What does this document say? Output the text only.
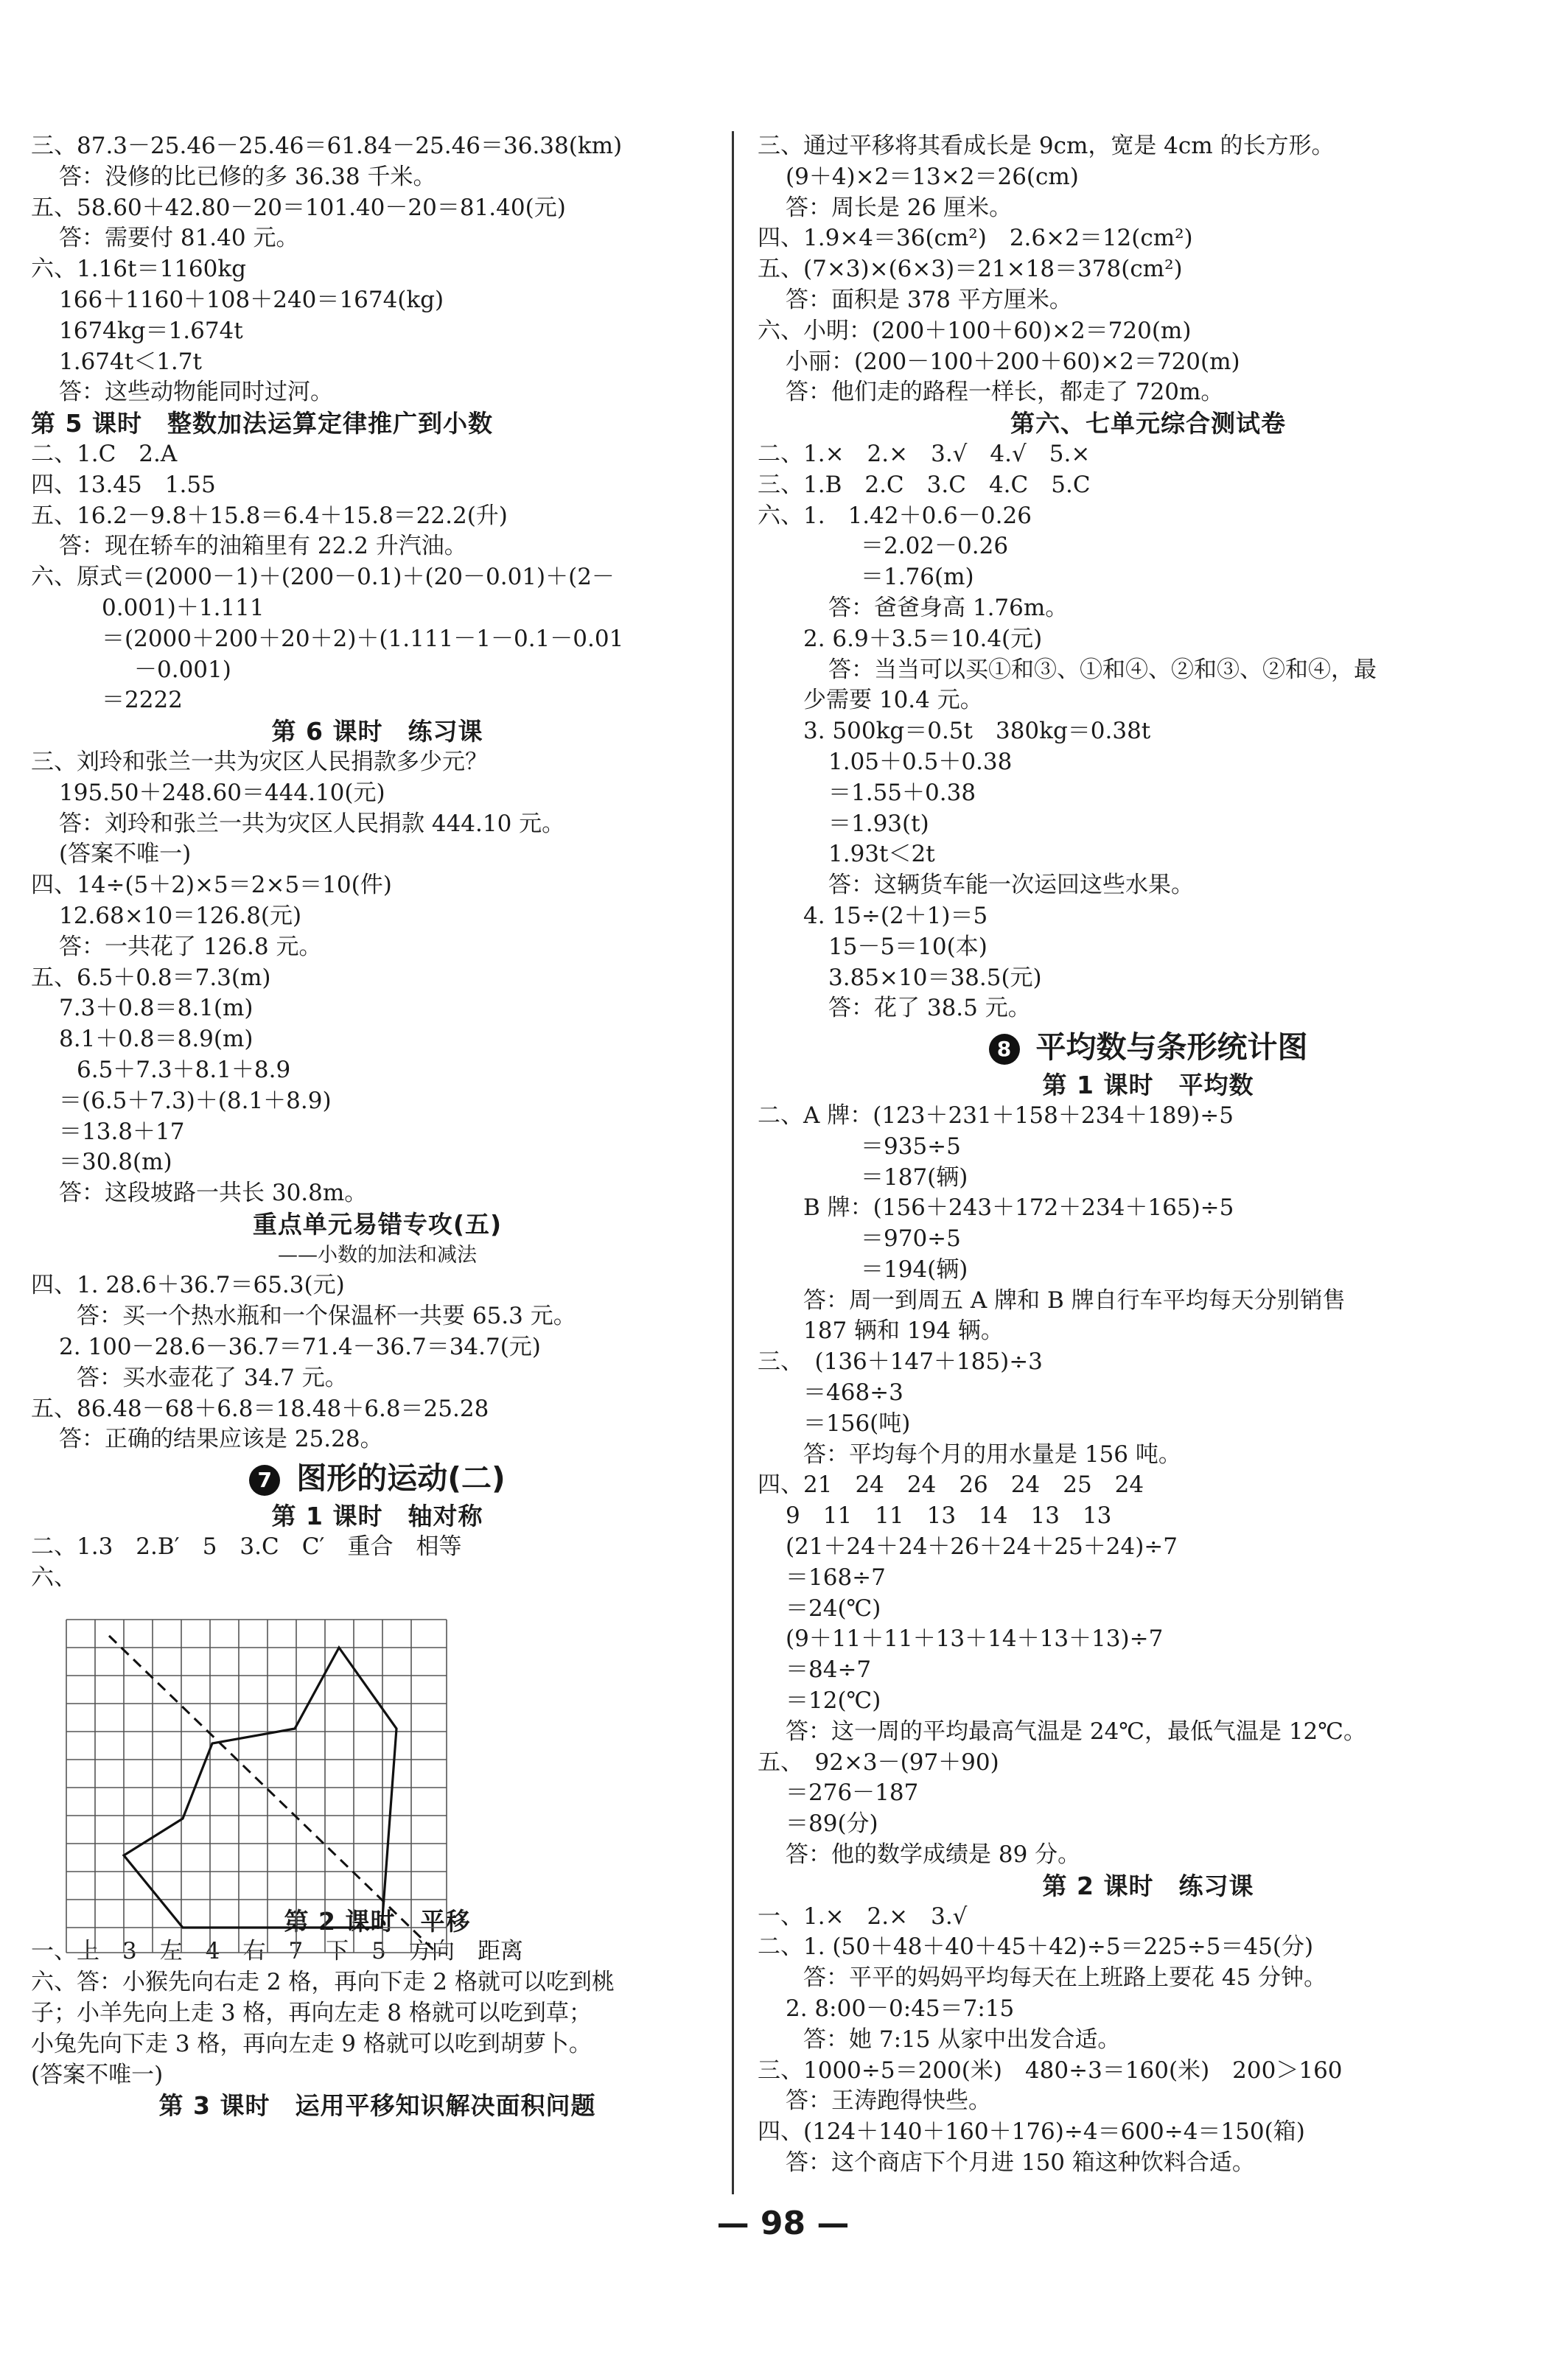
三、87.3－25.46－25.46＝61.84－25.46＝36.38(km)
答：没修的比已修的多 36.38 千米。
五、58.60＋42.80－20＝101.40－20＝81.40(元)
答：需要付 81.40 元。
六、1.16t＝1160kg
166＋1160＋108＋240＝1674(kg)
1674kg＝1.674t
1.674t＜1.7t
答：这些动物能同时过河。
第 5 课时　整数加法运算定律推广到小数
二、1.C　2.A
四、13.45　1.55
五、16.2－9.8＋15.8＝6.4＋15.8＝22.2(升)
答：现在轿车的油箱里有 22.2 升汽油。
六、原式＝(2000－1)＋(200－0.1)＋(20－0.01)＋(2－
0.001)＋1.111
＝(2000＋200＋20＋2)＋(1.111－1－0.1－0.01
－0.001)
＝2222
第 6 课时　练习课
三、刘玲和张兰一共为灾区人民捐款多少元？
195.50＋248.60＝444.10(元)
答：刘玲和张兰一共为灾区人民捐款 444.10 元。
(答案不唯一)
四、14÷(5＋2)×5＝2×5＝10(件)
12.68×10＝126.8(元)
答：一共花了 126.8 元。
五、6.5＋0.8＝7.3(m)
7.3＋0.8＝8.1(m)
8.1＋0.8＝8.9(m)
6.5＋7.3＋8.1＋8.9
＝(6.5＋7.3)＋(8.1＋8.9)
＝13.8＋17
＝30.8(m)
答：这段坡路一共长 30.8m。
重点单元易错专攻(五)
——小数的加法和减法
四、1. 28.6＋36.7＝65.3(元)
答：买一个热水瓶和一个保温杯一共要 65.3 元。
2. 100－28.6－36.7＝71.4－36.7＝34.7(元)
答：买水壶花了 34.7 元。
五、86.48－68＋6.8＝18.48＋6.8＝25.28
答：正确的结果应该是 25.28。
7 图形的运动(二)
第 1 课时　轴对称
二、1.3　2.B′　5　3.C　C′　重合　相等
六、
第 2 课时　平移
一、上　3　左　4　右　7　下　5　方向　距离
六、答：小猴先向右走 2 格，再向下走 2 格就可以吃到桃
子；小羊先向上走 3 格，再向左走 8 格就可以吃到草；
小兔先向下走 3 格，再向左走 9 格就可以吃到胡萝卜。
(答案不唯一)
第 3 课时　运用平移知识解决面积问题
三、通过平移将其看成长是 9cm，宽是 4cm 的长方形。
(9＋4)×2＝13×2＝26(cm)
答：周长是 26 厘米。
四、1.9×4＝36(cm²)　2.6×2＝12(cm²)
五、(7×3)×(6×3)＝21×18＝378(cm²)
答：面积是 378 平方厘米。
六、小明：(200＋100＋60)×2＝720(m)
小丽：(200－100＋200＋60)×2＝720(m)
答：他们走的路程一样长，都走了 720m。
第六、七单元综合测试卷
二、1.×　2.×　3.√　4.√　5.×
三、1.B　2.C　3.C　4.C　5.C
六、1.　1.42＋0.6－0.26
＝2.02－0.26
＝1.76(m)
答：爸爸身高 1.76m。
2. 6.9＋3.5＝10.4(元)
答：当当可以买①和③、①和④、②和③、②和④，最
少需要 10.4 元。
3. 500kg＝0.5t　380kg＝0.38t
1.05＋0.5＋0.38
＝1.55＋0.38
＝1.93(t)
1.93t＜2t
答：这辆货车能一次运回这些水果。
4. 15÷(2＋1)＝5
15－5＝10(本)
3.85×10＝38.5(元)
答：花了 38.5 元。
8 平均数与条形统计图
第 1 课时　平均数
二、A 牌：(123＋231＋158＋234＋189)÷5
＝935÷5
＝187(辆)
B 牌：(156＋243＋172＋234＋165)÷5
＝970÷5
＝194(辆)
答：周一到周五 A 牌和 B 牌自行车平均每天分别销售
187 辆和 194 辆。
三、　(136＋147＋185)÷3
＝468÷3
＝156(吨)
答：平均每个月的用水量是 156 吨。
四、21　24　24　26　24　25　24
9　11　11　13　14　13　13
(21＋24＋24＋26＋24＋25＋24)÷7
＝168÷7
＝24(℃)
(9＋11＋11＋13＋14＋13＋13)÷7
＝84÷7
＝12(℃)
答：这一周的平均最高气温是 24℃，最低气温是 12℃。
五、　92×3－(97＋90)
＝276－187
＝89(分)
答：他的数学成绩是 89 分。
第 2 课时　练习课
一、1.×　2.×　3.√
二、1. (50＋48＋40＋45＋42)÷5＝225÷5＝45(分)
答：平平的妈妈平均每天在上班路上要花 45 分钟。
2. 8:00－0:45＝7:15
答：她 7:15 从家中出发合适。
三、1000÷5＝200(米)　480÷3＝160(米)　200＞160
答：王涛跑得快些。
四、(124＋140＋160＋176)÷4＝600÷4＝150(箱)
答：这个商店下个月进 150 箱这种饮料合适。
— 98 —
